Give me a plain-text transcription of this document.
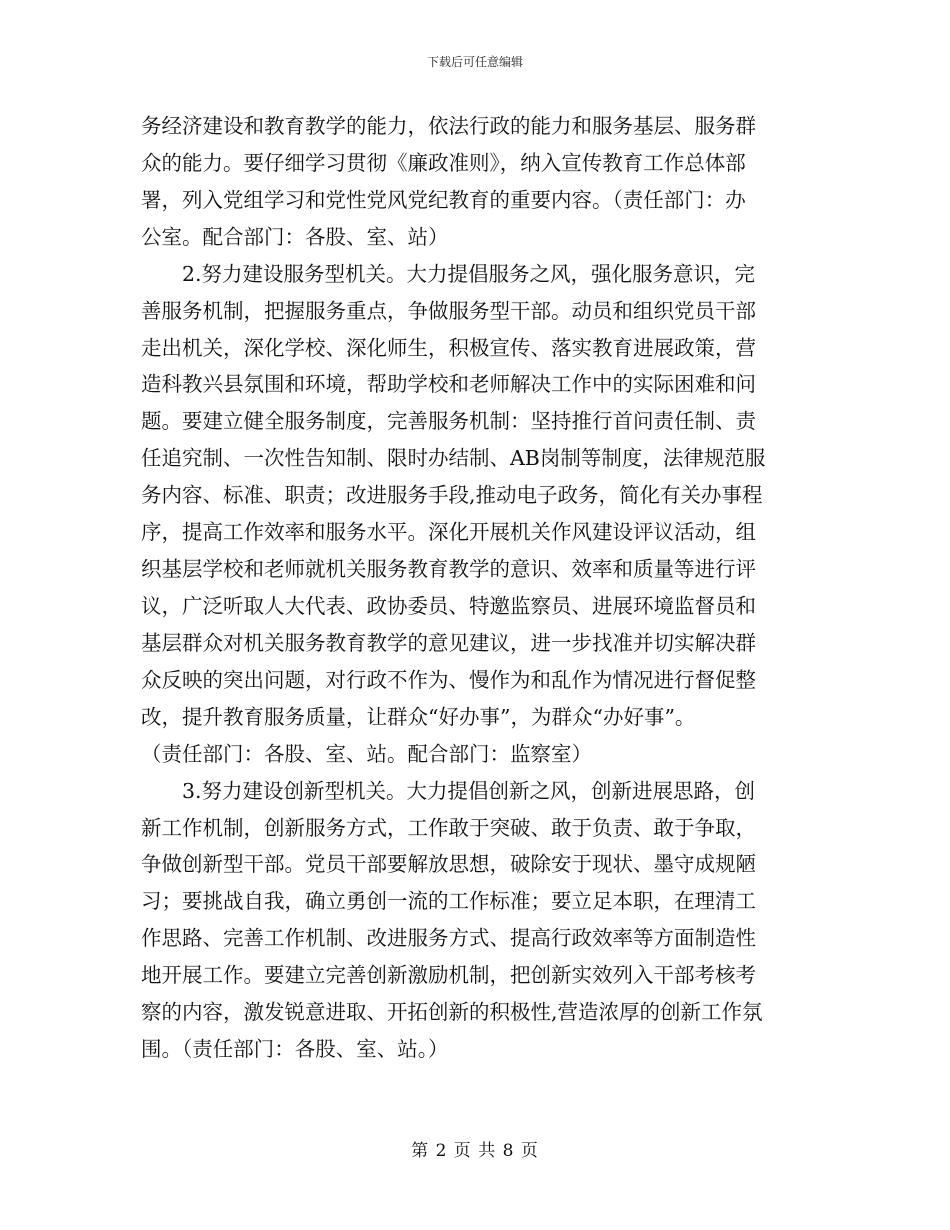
下载后可任意编辑
务经济建设和教育教学的能力，依法行政的能力和服务基层、服务群
众的能力。要仔细学习贯彻《廉政准则》，纳入宣传教育工作总体部
署，列入党组学习和党性党风党纪教育的重要内容。（责任部门：办
公室。配合部门：各股、室、站）
2.努力建设服务型机关。大力提倡服务之风，强化服务意识，完
善服务机制，把握服务重点，争做服务型干部。动员和组织党员干部
走出机关，深化学校、深化师生，积极宣传、落实教育进展政策，营
造科教兴县氛围和环境，帮助学校和老师解决工作中的实际困难和问
题。要建立健全服务制度，完善服务机制：坚持推行首问责任制、责
任追究制、一次性告知制、限时办结制、AB岗制等制度，法律规范服
务内容、标准、职责；改进服务手段,推动电子政务，简化有关办事程
序，提高工作效率和服务水平。深化开展机关作风建设评议活动，组
织基层学校和老师就机关服务教育教学的意识、效率和质量等进行评
议，广泛听取人大代表、政协委员、特邀监察员、进展环境监督员和
基层群众对机关服务教育教学的意见建议，进一步找准并切实解决群
众反映的突出问题，对行政不作为、慢作为和乱作为情况进行督促整
改，提升教育服务质量，让群众“好办事”，为群众“办好事”。
（责任部门：各股、室、站。配合部门：监察室）
3.努力建设创新型机关。大力提倡创新之风，创新进展思路，创
新工作机制，创新服务方式，工作敢于突破、敢于负责、敢于争取，
争做创新型干部。党员干部要解放思想，破除安于现状、墨守成规陋
习；要挑战自我，确立勇创一流的工作标准；要立足本职，在理清工
作思路、完善工作机制、改进服务方式、提高行政效率等方面制造性
地开展工作。要建立完善创新激励机制，把创新实效列入干部考核考
察的内容，激发锐意进取、开拓创新的积极性,营造浓厚的创新工作氛
围。（责任部门：各股、室、站。）
第 2 页 共 8 页
